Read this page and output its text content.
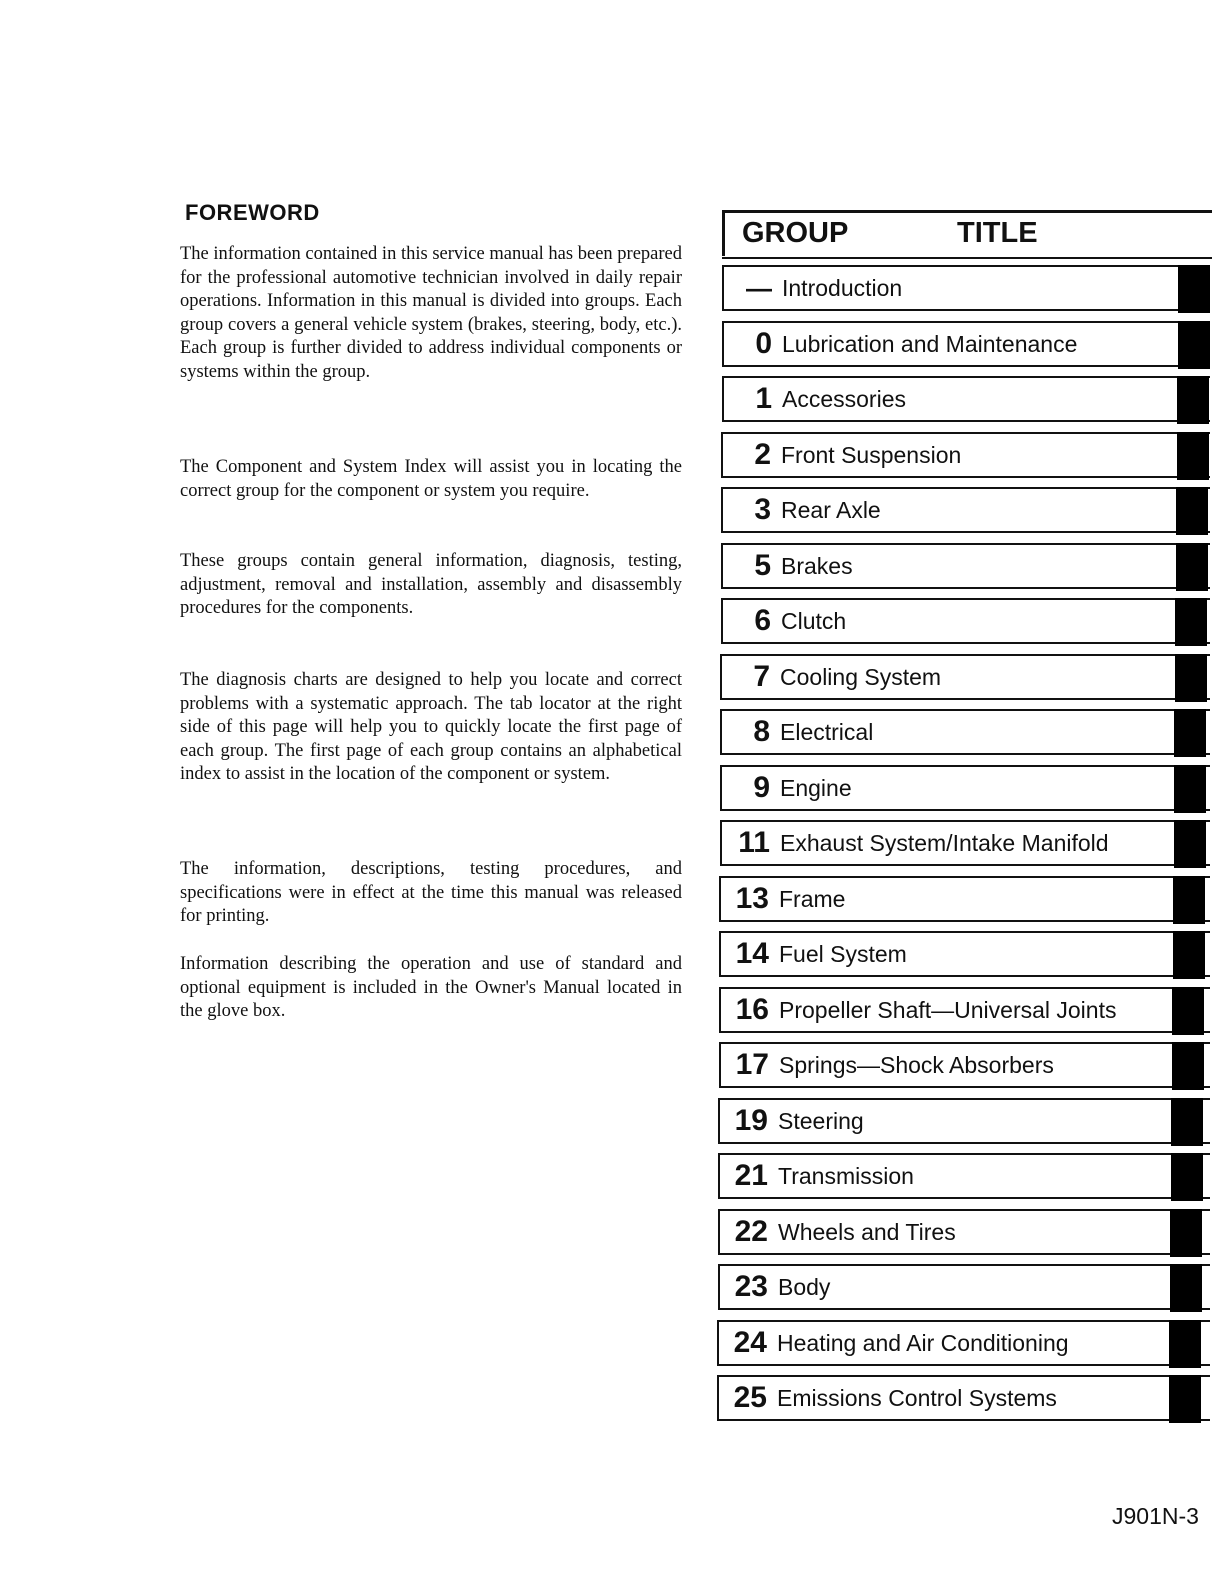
FOREWORD

The information contained in this service manual has been prepared for the professional automotive technician involved in daily repair operations. Information in this manual is divided into groups. Each group covers a general vehicle system (brakes, steering, body, etc.). Each group is further divided to address individual components or systems within the group.

The Component and System Index will assist you in locating the correct group for the component or system you require.

These groups contain general information, diagnosis, testing, adjustment, removal and installation, assembly and disassembly procedures for the components.

The diagnosis charts are designed to help you locate and correct problems with a systematic approach. The tab locator at the right side of this page will help you to quickly locate the first page of each group. The first page of each group contains an alphabetical index to assist in the location of the component or system.

The information, descriptions, testing procedures, and specifications were in effect at the time this manual was released for printing.

Information describing the operation and use of standard and optional equipment is included in the Owner's Manual located in the glove box.

GROUP	TITLE
— Introduction
0 Lubrication and Maintenance
1 Accessories
2 Front Suspension
3 Rear Axle
5 Brakes
6 Clutch
7 Cooling System
8 Electrical
9 Engine
11 Exhaust System/Intake Manifold
13 Frame
14 Fuel System
16 Propeller Shaft—Universal Joints
17 Springs—Shock Absorbers
19 Steering
21 Transmission
22 Wheels and Tires
23 Body
24 Heating and Air Conditioning
25 Emissions Control Systems
J901N-3
